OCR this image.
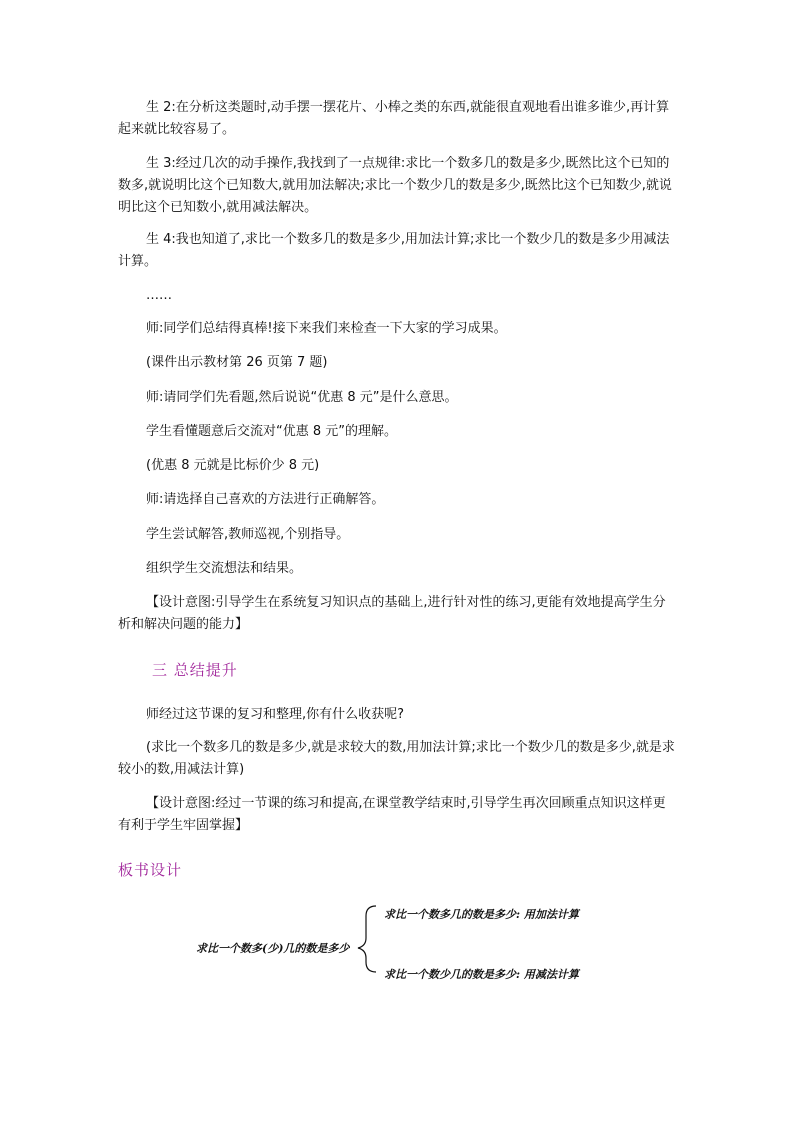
生 2:在分析这类题时,动手摆一摆花片、小棒之类的东西,就能很直观地看出谁多谁少,再计算起来就比较容易了。

生 3:经过几次的动手操作,我找到了一点规律:求比一个数多几的数是多少,既然比这个已知的数多,就说明比这个已知数大,就用加法解决;求比一个数少几的数是多少,既然比这个已知数少,就说明比这个已知数小,就用减法解决。

生 4:我也知道了,求比一个数多几的数是多少,用加法计算;求比一个数少几的数是多少用减法计算。

……

师:同学们总结得真棒!接下来我们来检查一下大家的学习成果。

(课件出示教材第 26 页第 7 题)

师:请同学们先看题,然后说说“优惠 8 元”是什么意思。

学生看懂题意后交流对“优惠 8 元”的理解。

(优惠 8 元就是比标价少 8 元)

师:请选择自己喜欢的方法进行正确解答。

学生尝试解答,教师巡视,个别指导。

组织学生交流想法和结果。

【设计意图:引导学生在系统复习知识点的基础上,进行针对性的练习,更能有效地提高学生分析和解决问题的能力】

三 总结提升

师经过这节课的复习和整理,你有什么收获呢?

(求比一个数多几的数是多少,就是求较大的数,用加法计算;求比一个数少几的数是多少,就是求较小的数,用减法计算)

【设计意图:经过一节课的练习和提高,在课堂教学结束时,引导学生再次回顾重点知识这样更有利于学生牢固掌握】

板书设计
求比一个数多(少)几的数是多少
求比一个数多几的数是多少: 用加法计算
求比一个数少几的数是多少: 用减法计算
